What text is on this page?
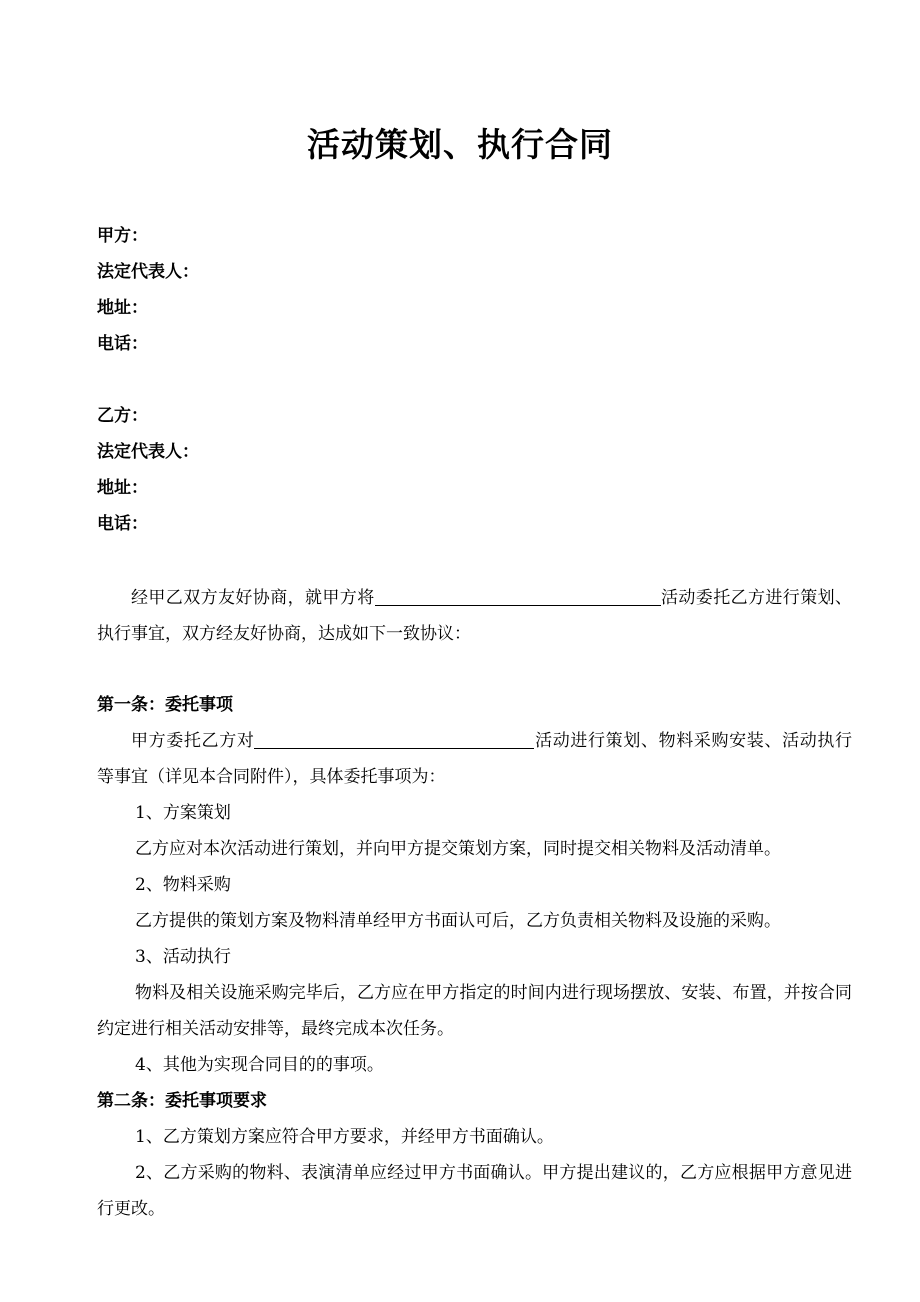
活动策划、执行合同
甲方：
法定代表人：
地址：
电话：
乙方：
法定代表人：
地址：
电话：

经甲乙双方友好协商，就甲方将	活动委托乙方进行策划、执行事宜，双方经友好协商，达成如下一致协议：

第一条：委托事项

甲方委托乙方对	活动进行策划、物料采购安装、活动执行等事宜（详见本合同附件），具体委托事项为：

1、方案策划

乙方应对本次活动进行策划，并向甲方提交策划方案，同时提交相关物料及活动清单。

2、物料采购

乙方提供的策划方案及物料清单经甲方书面认可后，乙方负责相关物料及设施的采购。

3、活动执行

物料及相关设施采购完毕后，乙方应在甲方指定的时间内进行现场摆放、安装、布置，并按合同约定进行相关活动安排等，最终完成本次任务。

4、其他为实现合同目的的事项。

第二条：委托事项要求

1、乙方策划方案应符合甲方要求，并经甲方书面确认。

2、乙方采购的物料、表演清单应经过甲方书面确认。甲方提出建议的，乙方应根据甲方意见进行更改。
